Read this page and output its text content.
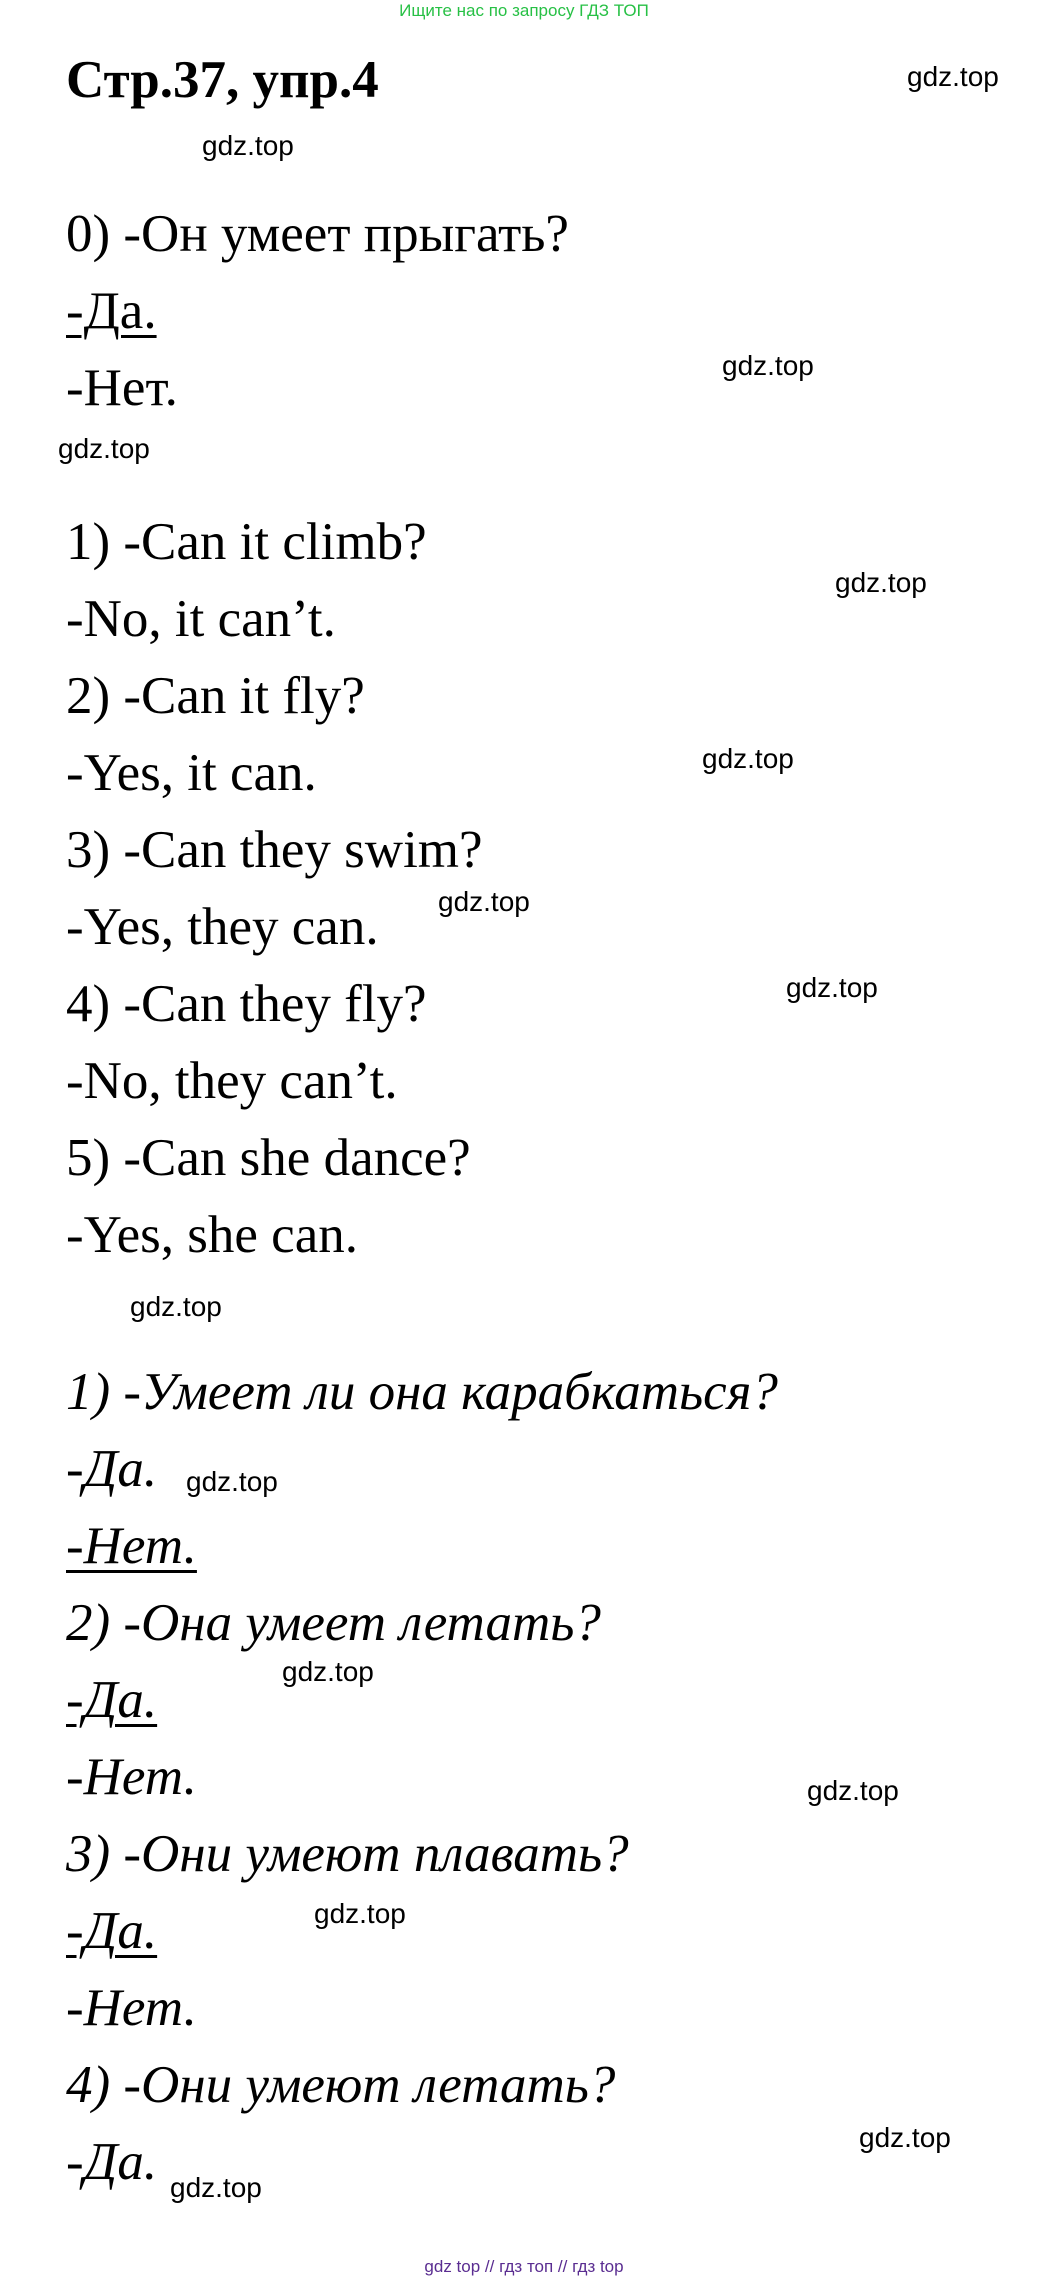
Ищите нас по запросу ГДЗ ТОП
Стр.37, упр.4
0) -Он умеет прыгать?
-Да.
-Нет.
1) -Can it climb?
-No, it can’t.
2) -Can it fly?
-Yes, it can.
3) -Can they swim?
-Yes, they can.
4) -Can they fly?
-No, they can’t.
5) -Can she dance?
-Yes, she can.
1) -Умеет ли она карабкаться?
-Да.
-Нет.
2) -Она умеет летать?
-Да.
-Нет.
3) -Они умеют плавать?
-Да.
-Нет.
4) -Они умеют летать?
-Да.
gdz.top
gdz.top
gdz.top
gdz.top
gdz.top
gdz.top
gdz.top
gdz.top
gdz.top
gdz.top
gdz.top
gdz.top
gdz.top
gdz.top
gdz.top
gdz top // гдз топ // гдз top
